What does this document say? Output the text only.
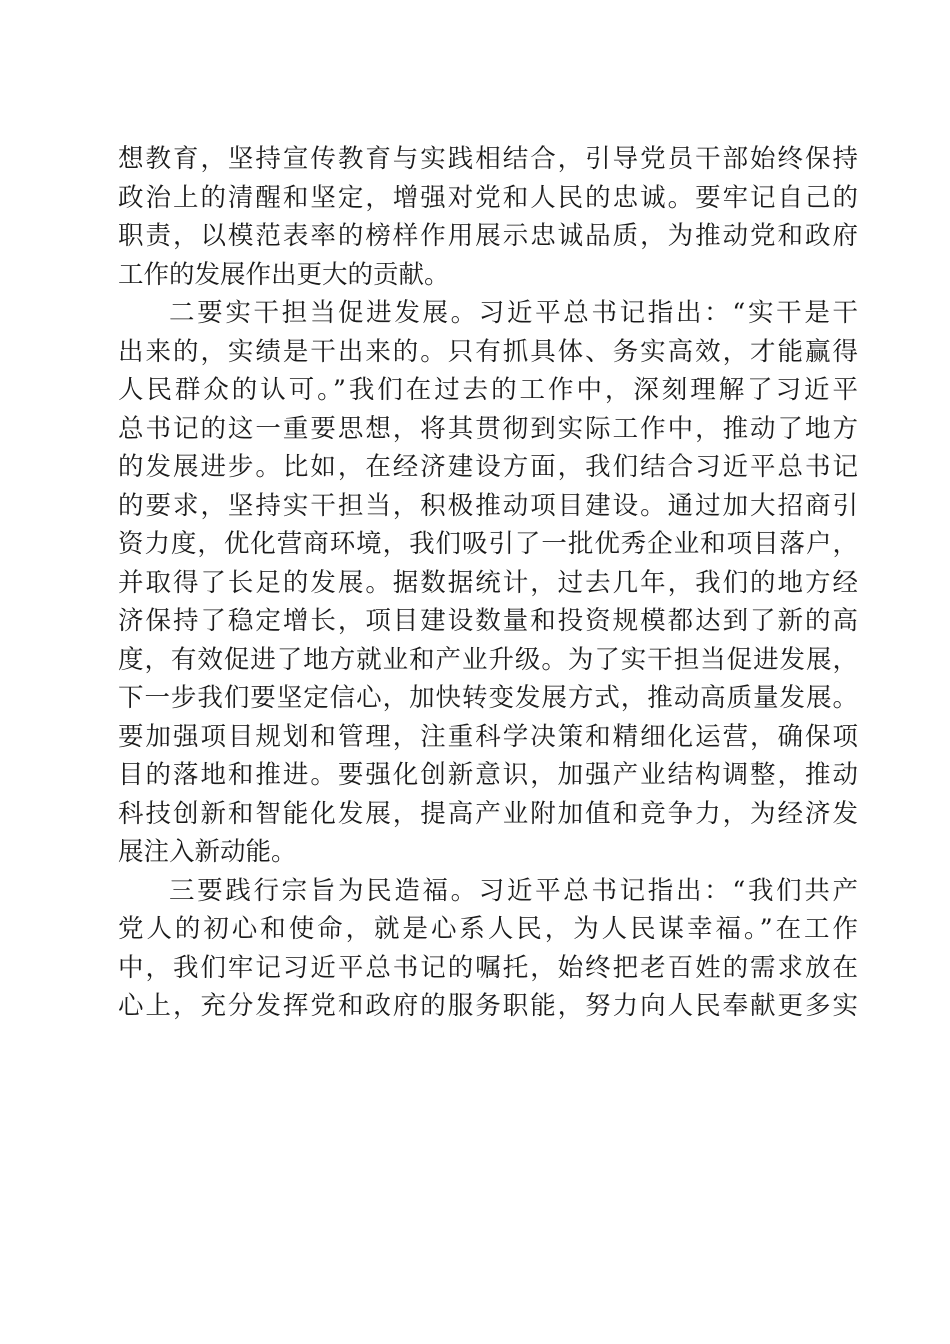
想教育，坚持宣传教育与实践相结合，引导党员干部始终保持
政治上的清醒和坚定，增强对党和人民的忠诚。要牢记自己的
职责，以模范表率的榜样作用展示忠诚品质，为推动党和政府
工作的发展作出更大的贡献。
二要实干担当促进发展。习近平总书记指出：“实干是干
出来的，实绩是干出来的。只有抓具体、务实高效，才能赢得
人民群众的认可。”我们在过去的工作中，深刻理解了习近平
总书记的这一重要思想，将其贯彻到实际工作中，推动了地方
的发展进步。比如，在经济建设方面，我们结合习近平总书记
的要求，坚持实干担当，积极推动项目建设。通过加大招商引
资力度，优化营商环境，我们吸引了一批优秀企业和项目落户，
并取得了长足的发展。据数据统计，过去几年，我们的地方经
济保持了稳定增长，项目建设数量和投资规模都达到了新的高
度，有效促进了地方就业和产业升级。为了实干担当促进发展，
下一步我们要坚定信心，加快转变发展方式，推动高质量发展。
要加强项目规划和管理，注重科学决策和精细化运营，确保项
目的落地和推进。要强化创新意识，加强产业结构调整，推动
科技创新和智能化发展，提高产业附加值和竞争力，为经济发
展注入新动能。
三要践行宗旨为民造福。习近平总书记指出：“我们共产
党人的初心和使命，就是心系人民，为人民谋幸福。”在工作
中，我们牢记习近平总书记的嘱托，始终把老百姓的需求放在
心上，充分发挥党和政府的服务职能，努力向人民奉献更多实
